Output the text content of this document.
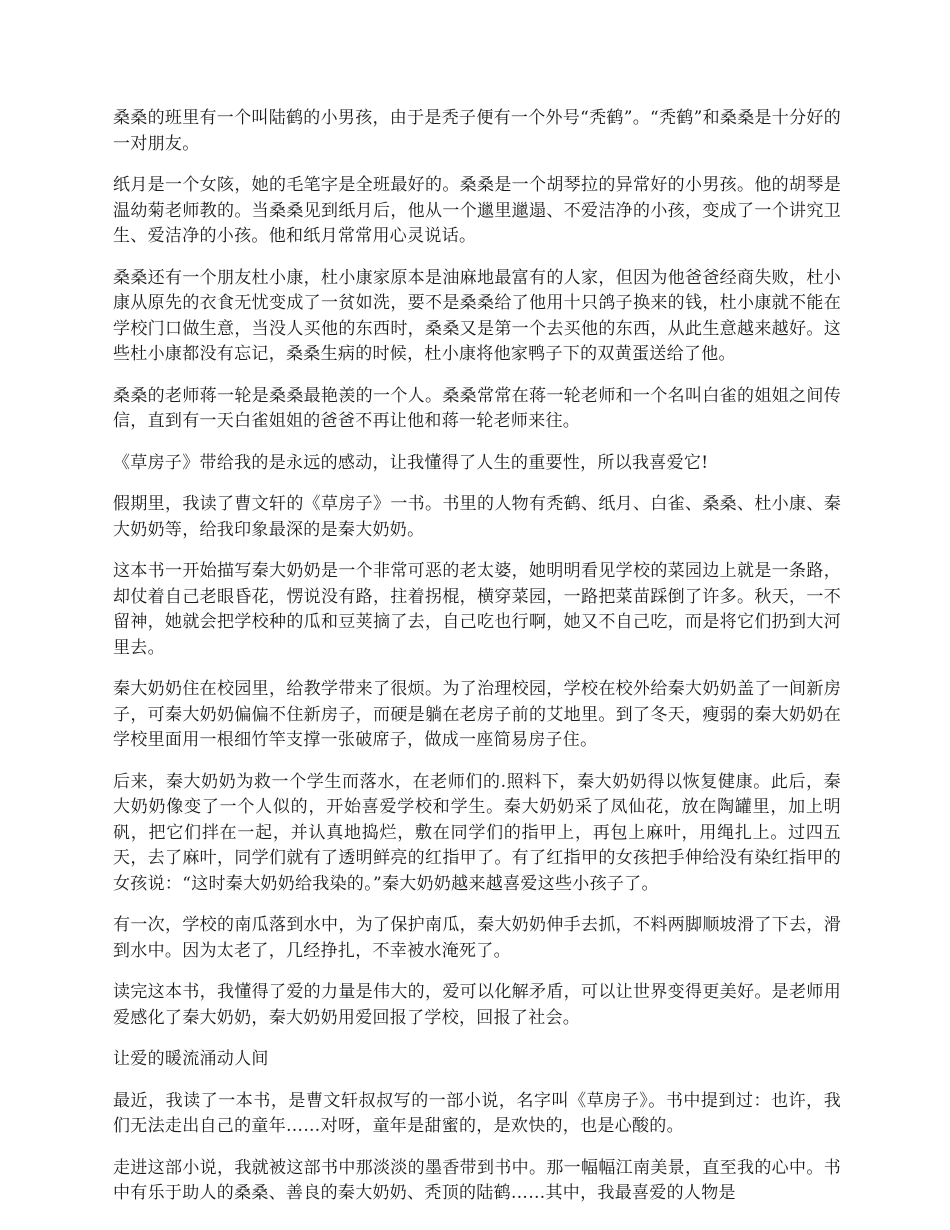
桑桑的班里有一个叫陆鹤的小男孩，由于是秃子便有一个外号“秃鹤”。“秃鹤”和桑桑是十分好的一对朋友。

纸月是一个女陔，她的毛笔字是全班最好的。桑桑是一个胡琴拉的异常好的小男孩。他的胡琴是温幼菊老师教的。当桑桑见到纸月后，他从一个邋里邋遢、不爱洁净的小孩，变成了一个讲究卫生、爱洁净的小孩。他和纸月常常用心灵说话。

桑桑还有一个朋友杜小康，杜小康家原本是油麻地最富有的人家，但因为他爸爸经商失败，杜小康从原先的衣食无忧变成了一贫如洗，要不是桑桑给了他用十只鸽子换来的钱，杜小康就不能在学校门口做生意，当没人买他的东西时，桑桑又是第一个去买他的东西，从此生意越来越好。这些杜小康都没有忘记，桑桑生病的时候，杜小康将他家鸭子下的双黄蛋送给了他。

桑桑的老师蒋一轮是桑桑最艳羡的一个人。桑桑常常在蒋一轮老师和一个名叫白雀的姐姐之间传信，直到有一天白雀姐姐的爸爸不再让他和蒋一轮老师来往。

《草房子》带给我的是永远的感动，让我懂得了人生的重要性，所以我喜爱它!

假期里，我读了曹文轩的《草房子》一书。书里的人物有秃鹤、纸月、白雀、桑桑、杜小康、秦大奶奶等，给我印象最深的是秦大奶奶。

这本书一开始描写秦大奶奶是一个非常可恶的老太婆，她明明看见学校的菜园边上就是一条路，却仗着自己老眼昏花，愣说没有路，拄着拐棍，横穿菜园，一路把菜苗踩倒了许多。秋天，一不留神，她就会把学校种的瓜和豆荚摘了去，自己吃也行啊，她又不自己吃，而是将它们扔到大河里去。

秦大奶奶住在校园里，给教学带来了很烦。为了治理校园，学校在校外给秦大奶奶盖了一间新房子，可秦大奶奶偏偏不住新房子，而硬是躺在老房子前的艾地里。到了冬天，瘦弱的秦大奶奶在学校里面用一根细竹竿支撑一张破席子，做成一座简易房子住。

后来，秦大奶奶为救一个学生而落水，在老师们的.照料下，秦大奶奶得以恢复健康。此后，秦大奶奶像变了一个人似的，开始喜爱学校和学生。秦大奶奶采了凤仙花，放在陶罐里，加上明矾，把它们拌在一起，并认真地捣烂，敷在同学们的指甲上，再包上麻叶，用绳扎上。过四五天，去了麻叶，同学们就有了透明鲜亮的红指甲了。有了红指甲的女孩把手伸给没有染红指甲的女孩说：“这时秦大奶奶给我染的。”秦大奶奶越来越喜爱这些小孩子了。

有一次，学校的南瓜落到水中，为了保护南瓜，秦大奶奶伸手去抓，不料两脚顺坡滑了下去，滑到水中。因为太老了，几经挣扎，不幸被水淹死了。

读完这本书，我懂得了爱的力量是伟大的，爱可以化解矛盾，可以让世界变得更美好。是老师用爱感化了秦大奶奶，秦大奶奶用爱回报了学校，回报了社会。

让爱的暖流涌动人间

最近，我读了一本书，是曹文轩叔叔写的一部小说，名字叫《草房子》。书中提到过：也许，我们无法走出自己的童年……对呀，童年是甜蜜的，是欢快的，也是心酸的。

走进这部小说，我就被这部书中那淡淡的墨香带到书中。那一幅幅江南美景，直至我的心中。书中有乐于助人的桑桑、善良的秦大奶奶、秃顶的陆鹤……其中，我最喜爱的人物是
